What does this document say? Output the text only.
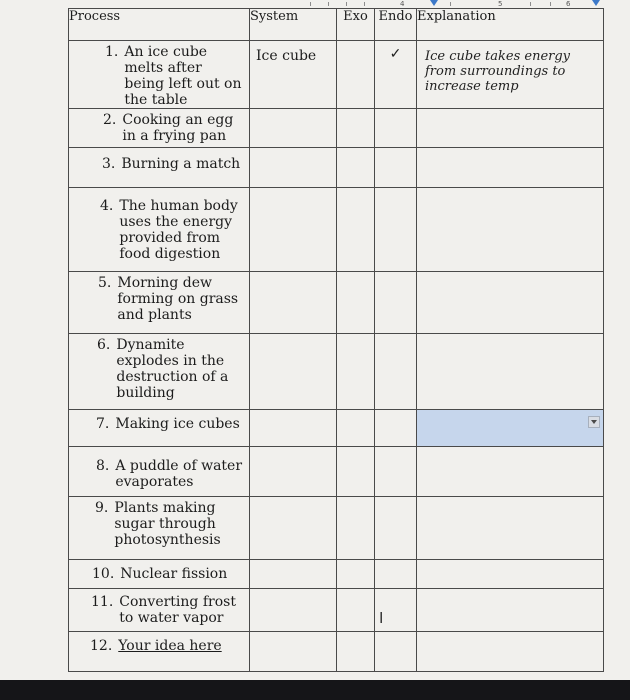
4	5	6
Process	System	Exo	Endo	Explanation

1. An ice cube melts after being left out on the table	Ice cube		✓	Ice cube takes energy from surroundings to increase temp

2. Cooking an egg in a frying pan				

3. Burning a match				

4. The human body uses the energy provided from food digestion				

5. Morning dew forming on grass and plants				

6. Dynamite explodes in the destruction of a building				

7. Making ice cubes				

8. A puddle of water evaporates				

9. Plants making sugar through photosynthesis				

10. Nuclear fission				

11. Converting frost to water vapor			I	

12. Your idea here				
